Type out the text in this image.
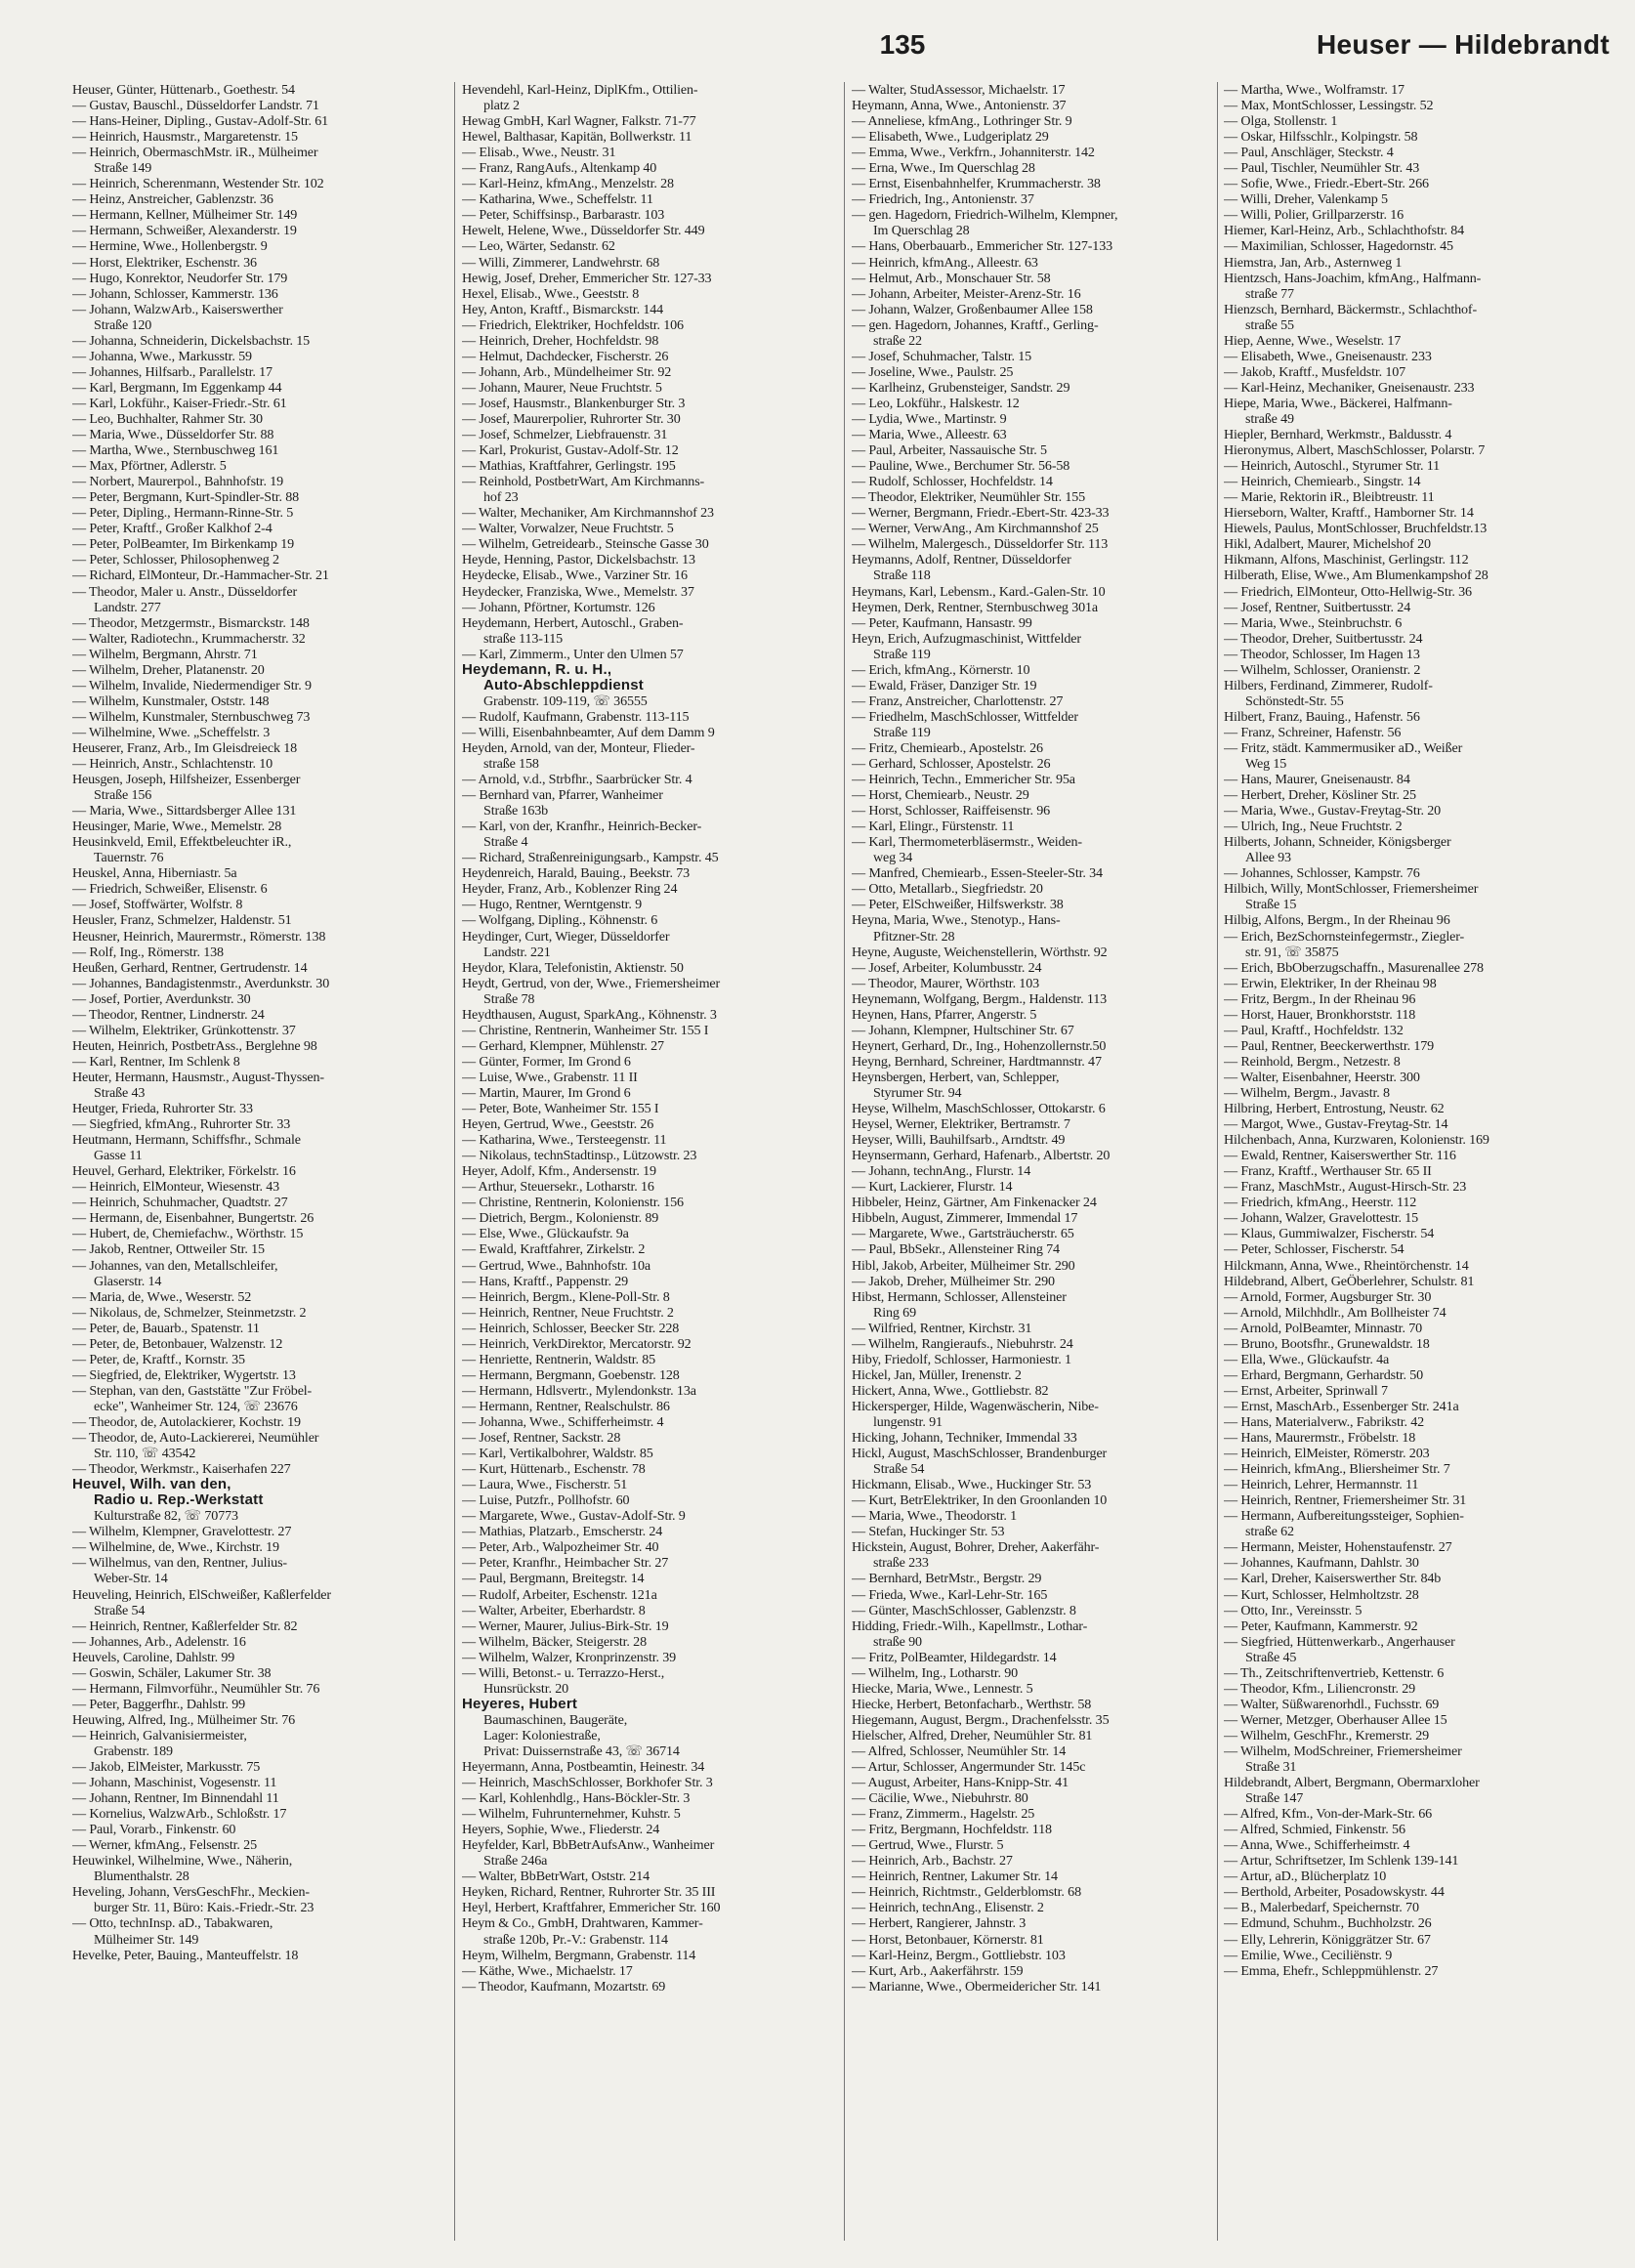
135	Heuser — Hildebrandt
Heuser, Günter, Hüttenarb., Goethestr. 54
— Gustav, Bauschl., Düsseldorfer Landstr. 71
— Hans-Heiner, Dipling., Gustav-Adolf-Str. 61
— Heinrich, Hausmstr., Margaretenstr. 15
— Heinrich, ObermaschMstr. iR., Mülheimer
Straße 149
— Heinrich, Scherenmann, Westender Str. 102
— Heinz, Anstreicher, Gablenzstr. 36
— Hermann, Kellner, Mülheimer Str. 149
— Hermann, Schweißer, Alexanderstr. 19
— Hermine, Wwe., Hollenbergstr. 9
— Horst, Elektriker, Eschenstr. 36
— Hugo, Konrektor, Neudorfer Str. 179
— Johann, Schlosser, Kammerstr. 136
— Johann, WalzwArb., Kaiserswerther
Straße 120
— Johanna, Schneiderin, Dickelsbachstr. 15
— Johanna, Wwe., Markusstr. 59
— Johannes, Hilfsarb., Parallelstr. 17
— Karl, Bergmann, Im Eggenkamp 44
— Karl, Lokführ., Kaiser-Friedr.-Str. 61
— Leo, Buchhalter, Rahmer Str. 30
— Maria, Wwe., Düsseldorfer Str. 88
— Martha, Wwe., Sternbuschweg 161
— Max, Pförtner, Adlerstr. 5
— Norbert, Maurerpol., Bahnhofstr. 19
— Peter, Bergmann, Kurt-Spindler-Str. 88
— Peter, Dipling., Hermann-Rinne-Str. 5
— Peter, Kraftf., Großer Kalkhof 2-4
— Peter, PolBeamter, Im Birkenkamp 19
— Peter, Schlosser, Philosophenweg 2
— Richard, ElMonteur, Dr.-Hammacher-Str. 21
— Theodor, Maler u. Anstr., Düsseldorfer
Landstr. 277
— Theodor, Metzgermstr., Bismarckstr. 148
— Walter, Radiotechn., Krummacherstr. 32
— Wilhelm, Bergmann, Ahrstr. 71
— Wilhelm, Dreher, Platanenstr. 20
— Wilhelm, Invalide, Niedermendiger Str. 9
— Wilhelm, Kunstmaler, Oststr. 148
— Wilhelm, Kunstmaler, Sternbuschweg 73
— Wilhelmine, Wwe. „Scheffelstr. 3
Heuserer, Franz, Arb., Im Gleisdreieck 18
— Heinrich, Anstr., Schlachtenstr. 10
Heusgen, Joseph, Hilfsheizer, Essenberger
Straße 156
— Maria, Wwe., Sittardsberger Allee 131
Heusinger, Marie, Wwe., Memelstr. 28
Heusinkveld, Emil, Effektbeleuchter iR.,
Tauernstr. 76
Heuskel, Anna, Hiberniastr. 5a
— Friedrich, Schweißer, Elisenstr. 6
— Josef, Stoffwärter, Wolfstr. 8
Heusler, Franz, Schmelzer, Haldenstr. 51
Heusner, Heinrich, Maurermstr., Römerstr. 138
— Rolf, Ing., Römerstr. 138
Heußen, Gerhard, Rentner, Gertrudenstr. 14
— Johannes, Bandagistenmstr., Averdunkstr. 30
— Josef, Portier, Averdunkstr. 30
— Theodor, Rentner, Lindnerstr. 24
— Wilhelm, Elektriker, Grünkottenstr. 37
Heuten, Heinrich, PostbetrAss., Berglehne 98
— Karl, Rentner, Im Schlenk 8
Heuter, Hermann, Hausmstr., August-Thyssen-
Straße 43
Heutger, Frieda, Ruhrorter Str. 33
— Siegfried, kfmAng., Ruhrorter Str. 33
Heutmann, Hermann, Schiffsfhr., Schmale
Gasse 11
Heuvel, Gerhard, Elektriker, Förkelstr. 16
— Heinrich, ElMonteur, Wiesenstr. 43
— Heinrich, Schuhmacher, Quadtstr. 27
— Hermann, de, Eisenbahner, Bungertstr. 26
— Hubert, de, Chemiefachw., Wörthstr. 15
— Jakob, Rentner, Ottweiler Str. 15
— Johannes, van den, Metallschleifer,
Glaserstr. 14
— Maria, de, Wwe., Weserstr. 52
— Nikolaus, de, Schmelzer, Steinmetzstr. 2
— Peter, de, Bauarb., Spatenstr. 11
— Peter, de, Betonbauer, Walzenstr. 12
— Peter, de, Kraftf., Kornstr. 35
— Siegfried, de, Elektriker, Wygertstr. 13
— Stephan, van den, Gaststätte "Zur Fröbel-
ecke", Wanheimer Str. 124, ☏ 23676
— Theodor, de, Autolackierer, Kochstr. 19
— Theodor, de, Auto-Lackiererei, Neumühler
Str. 110, ☏ 43542
— Theodor, Werkmstr., Kaiserhafen 227
Heuvel, Wilh. van den,
Radio u. Rep.-Werkstatt
Kulturstraße 82, ☏ 70773
— Wilhelm, Klempner, Gravelottestr. 27
— Wilhelmine, de, Wwe., Kirchstr. 19
— Wilhelmus, van den, Rentner, Julius-
Weber-Str. 14
Heuveling, Heinrich, ElSchweißer, Kaßlerfelder
Straße 54
— Heinrich, Rentner, Kaßlerfelder Str. 82
— Johannes, Arb., Adelenstr. 16
Heuvels, Caroline, Dahlstr. 99
— Goswin, Schäler, Lakumer Str. 38
— Hermann, Filmvorführ., Neumühler Str. 76
— Peter, Baggerfhr., Dahlstr. 99
Heuwing, Alfred, Ing., Mülheimer Str. 76
— Heinrich, Galvanisiermeister,
Grabenstr. 189
— Jakob, ElMeister, Markusstr. 75
— Johann, Maschinist, Vogesenstr. 11
— Johann, Rentner, Im Binnendahl 11
— Kornelius, WalzwArb., Schloßstr. 17
— Paul, Vorarb., Finkenstr. 60
— Werner, kfmAng., Felsenstr. 25
Heuwinkel, Wilhelmine, Wwe., Näherin,
Blumenthalstr. 28
Heveling, Johann, VersGeschFhr., Meckien-
burger Str. 11, Büro: Kais.-Friedr.-Str. 23
— Otto, technInsp. aD., Tabakwaren,
Mülheimer Str. 149
Hevelke, Peter, Bauing., Manteuffelstr. 18
Hevendehl, Karl-Heinz, DiplKfm., Ottilien-
platz 2
Hewag GmbH, Karl Wagner, Falkstr. 71-77
Hewel, Balthasar, Kapitän, Bollwerkstr. 11
— Elisab., Wwe., Neustr. 31
— Franz, RangAufs., Altenkamp 40
— Karl-Heinz, kfmAng., Menzelstr. 28
— Katharina, Wwe., Scheffelstr. 11
— Peter, Schiffsinsp., Barbarastr. 103
Hewelt, Helene, Wwe., Düsseldorfer Str. 449
— Leo, Wärter, Sedanstr. 62
— Willi, Zimmerer, Landwehrstr. 68
Hewig, Josef, Dreher, Emmericher Str. 127-33
Hexel, Elisab., Wwe., Geeststr. 8
Hey, Anton, Kraftf., Bismarckstr. 144
— Friedrich, Elektriker, Hochfeldstr. 106
— Heinrich, Dreher, Hochfeldstr. 98
— Helmut, Dachdecker, Fischerstr. 26
— Johann, Arb., Mündelheimer Str. 92
— Johann, Maurer, Neue Fruchtstr. 5
— Josef, Hausmstr., Blankenburger Str. 3
— Josef, Maurerpolier, Ruhrorter Str. 30
— Josef, Schmelzer, Liebfrauenstr. 31
— Karl, Prokurist, Gustav-Adolf-Str. 12
— Mathias, Kraftfahrer, Gerlingstr. 195
— Reinhold, PostbetrWart, Am Kirchmanns-
hof 23
— Walter, Mechaniker, Am Kirchmannshof 23
— Walter, Vorwalzer, Neue Fruchtstr. 5
— Wilhelm, Getreidearb., Steinsche Gasse 30
Heyde, Henning, Pastor, Dickelsbachstr. 13
Heydecke, Elisab., Wwe., Varziner Str. 16
Heydecker, Franziska, Wwe., Memelstr. 37
— Johann, Pförtner, Kortumstr. 126
Heydemann, Herbert, Autoschl., Graben-
straße 113-115
— Karl, Zimmerm., Unter den Ulmen 57
Heydemann, R. u. H.,
Auto-Abschleppdienst
Grabenstr. 109-119, ☏ 36555
— Rudolf, Kaufmann, Grabenstr. 113-115
— Willi, Eisenbahnbeamter, Auf dem Damm 9
Heyden, Arnold, van der, Monteur, Flieder-
straße 158
— Arnold, v.d., Strbfhr., Saarbrücker Str. 4
— Bernhard van, Pfarrer, Wanheimer
Straße 163b
— Karl, von der, Kranfhr., Heinrich-Becker-
Straße 4
— Richard, Straßenreinigungsarb., Kampstr. 45
Heydenreich, Harald, Bauing., Beekstr. 73
Heyder, Franz, Arb., Koblenzer Ring 24
— Hugo, Rentner, Werntgenstr. 9
— Wolfgang, Dipling., Köhnenstr. 6
Heydinger, Curt, Wieger, Düsseldorfer
Landstr. 221
Heydor, Klara, Telefonistin, Aktienstr. 50
Heydt, Gertrud, von der, Wwe., Friemersheimer
Straße 78
Heydthausen, August, SparkAng., Köhnenstr. 3
— Christine, Rentnerin, Wanheimer Str. 155 I
— Gerhard, Klempner, Mühlenstr. 27
— Günter, Former, Im Grond 6
— Luise, Wwe., Grabenstr. 11 II
— Martin, Maurer, Im Grond 6
— Peter, Bote, Wanheimer Str. 155 I
Heyen, Gertrud, Wwe., Geeststr. 26
— Katharina, Wwe., Tersteegenstr. 11
— Nikolaus, technStadtinsp., Lützowstr. 23
Heyer, Adolf, Kfm., Andersenstr. 19
— Arthur, Steuersekr., Lotharstr. 16
— Christine, Rentnerin, Kolonienstr. 156
— Dietrich, Bergm., Kolonienstr. 89
— Else, Wwe., Glückaufstr. 9a
— Ewald, Kraftfahrer, Zirkelstr. 2
— Gertrud, Wwe., Bahnhofstr. 10a
— Hans, Kraftf., Pappenstr. 29
— Heinrich, Bergm., Klene-Poll-Str. 8
— Heinrich, Rentner, Neue Fruchtstr. 2
— Heinrich, Schlosser, Beecker Str. 228
— Heinrich, VerkDirektor, Mercatorstr. 92
— Henriette, Rentnerin, Waldstr. 85
— Hermann, Bergmann, Goebenstr. 128
— Hermann, Hdlsvertr., Mylendonkstr. 13a
— Hermann, Rentner, Realschulstr. 86
— Johanna, Wwe., Schifferheimstr. 4
— Josef, Rentner, Sackstr. 28
— Karl, Vertikalbohrer, Waldstr. 85
— Kurt, Hüttenarb., Eschenstr. 78
— Laura, Wwe., Fischerstr. 51
— Luise, Putzfr., Pollhofstr. 60
— Margarete, Wwe., Gustav-Adolf-Str. 9
— Mathias, Platzarb., Emscherstr. 24
— Peter, Arb., Walpozheimer Str. 40
— Peter, Kranfhr., Heimbacher Str. 27
— Paul, Bergmann, Breitegstr. 14
— Rudolf, Arbeiter, Eschenstr. 121a
— Walter, Arbeiter, Eberhardstr. 8
— Werner, Maurer, Julius-Birk-Str. 19
— Wilhelm, Bäcker, Steigerstr. 28
— Wilhelm, Walzer, Kronprinzenstr. 39
— Willi, Betonst.- u. Terrazzo-Herst.,
Hunsrückstr. 20
Heyeres, Hubert
Baumaschinen, Baugeräte,
Lager: Koloniestraße,
Privat: Duissernstraße 43, ☏ 36714
Heyermann, Anna, Postbeamtin, Heinestr. 34
— Heinrich, MaschSchlosser, Borkhofer Str. 3
— Karl, Kohlenhdlg., Hans-Böckler-Str. 3
— Wilhelm, Fuhrunternehmer, Kuhstr. 5
Heyers, Sophie, Wwe., Fliederstr. 24
Heyfelder, Karl, BbBetrAufsAnw., Wanheimer
Straße 246a
— Walter, BbBetrWart, Oststr. 214
Heyken, Richard, Rentner, Ruhrorter Str. 35 III
Heyl, Herbert, Kraftfahrer, Emmericher Str. 160
Heym & Co., GmbH, Drahtwaren, Kammer-
straße 120b, Pr.-V.: Grabenstr. 114
Heym, Wilhelm, Bergmann, Grabenstr. 114
— Käthe, Wwe., Michaelstr. 17
— Theodor, Kaufmann, Mozartstr. 69
— Walter, StudAssessor, Michaelstr. 17
Heymann, Anna, Wwe., Antonienstr. 37
— Anneliese, kfmAng., Lothringer Str. 9
— Elisabeth, Wwe., Ludgeriplatz 29
— Emma, Wwe., Verkfrn., Johanniterstr. 142
— Erna, Wwe., Im Querschlag 28
— Ernst, Eisenbahnhelfer, Krummacherstr. 38
— Friedrich, Ing., Antonienstr. 37
— gen. Hagedorn, Friedrich-Wilhelm, Klempner,
Im Querschlag 28
— Hans, Oberbauarb., Emmericher Str. 127-133
— Heinrich, kfmAng., Alleestr. 63
— Helmut, Arb., Monschauer Str. 58
— Johann, Arbeiter, Meister-Arenz-Str. 16
— Johann, Walzer, Großenbaumer Allee 158
— gen. Hagedorn, Johannes, Kraftf., Gerling-
straße 22
— Josef, Schuhmacher, Talstr. 15
— Joseline, Wwe., Paulstr. 25
— Karlheinz, Grubensteiger, Sandstr. 29
— Leo, Lokführ., Halskestr. 12
— Lydia, Wwe., Martinstr. 9
— Maria, Wwe., Alleestr. 63
— Paul, Arbeiter, Nassauische Str. 5
— Pauline, Wwe., Berchumer Str. 56-58
— Rudolf, Schlosser, Hochfeldstr. 14
— Theodor, Elektriker, Neumühler Str. 155
— Werner, Bergmann, Friedr.-Ebert-Str. 423-33
— Werner, VerwAng., Am Kirchmannshof 25
— Wilhelm, Malergesch., Düsseldorfer Str. 113
Heymanns, Adolf, Rentner, Düsseldorfer
Straße 118
Heymans, Karl, Lebensm., Kard.-Galen-Str. 10
Heymen, Derk, Rentner, Sternbuschweg 301a
— Peter, Kaufmann, Hansastr. 99
Heyn, Erich, Aufzugmaschinist, Wittfelder
Straße 119
— Erich, kfmAng., Körnerstr. 10
— Ewald, Fräser, Danziger Str. 19
— Franz, Anstreicher, Charlottenstr. 27
— Friedhelm, MaschSchlosser, Wittfelder
Straße 119
— Fritz, Chemiearb., Apostelstr. 26
— Gerhard, Schlosser, Apostelstr. 26
— Heinrich, Techn., Emmericher Str. 95a
— Horst, Chemiearb., Neustr. 29
— Horst, Schlosser, Raiffeisenstr. 96
— Karl, Elingr., Fürstenstr. 11
— Karl, Thermometerbläsermstr., Weiden-
weg 34
— Manfred, Chemiearb., Essen-Steeler-Str. 34
— Otto, Metallarb., Siegfriedstr. 20
— Peter, ElSchweißer, Hilfswerkstr. 38
Heyna, Maria, Wwe., Stenotyp., Hans-
Pfitzner-Str. 28
Heyne, Auguste, Weichenstellerin, Wörthstr. 92
— Josef, Arbeiter, Kolumbusstr. 24
— Theodor, Maurer, Wörthstr. 103
Heynemann, Wolfgang, Bergm., Haldenstr. 113
Heynen, Hans, Pfarrer, Angerstr. 5
— Johann, Klempner, Hultschiner Str. 67
Heynert, Gerhard, Dr., Ing., Hohenzollernstr.50
Heyng, Bernhard, Schreiner, Hardtmannstr. 47
Heynsbergen, Herbert, van, Schlepper,
Styrumer Str. 94
Heyse, Wilhelm, MaschSchlosser, Ottokarstr. 6
Heysel, Werner, Elektriker, Bertramstr. 7
Heyser, Willi, Bauhilfsarb., Arndtstr. 49
Heynsermann, Gerhard, Hafenarb., Albertstr. 20
— Johann, technAng., Flurstr. 14
— Kurt, Lackierer, Flurstr. 14
Hibbeler, Heinz, Gärtner, Am Finkenacker 24
Hibbeln, August, Zimmerer, Immendal 17
— Margarete, Wwe., Gartsträucherstr. 65
— Paul, BbSekr., Allensteiner Ring 74
Hibl, Jakob, Arbeiter, Mülheimer Str. 290
— Jakob, Dreher, Mülheimer Str. 290
Hibst, Hermann, Schlosser, Allensteiner
Ring 69
— Wilfried, Rentner, Kirchstr. 31
— Wilhelm, Rangieraufs., Niebuhrstr. 24
Hiby, Friedolf, Schlosser, Harmoniestr. 1
Hickel, Jan, Müller, Irenenstr. 2
Hickert, Anna, Wwe., Gottliebstr. 82
Hickersperger, Hilde, Wagenwäscherin, Nibe-
lungenstr. 91
Hicking, Johann, Techniker, Immendal 33
Hickl, August, MaschSchlosser, Brandenburger
Straße 54
Hickmann, Elisab., Wwe., Huckinger Str. 53
— Kurt, BetrElektriker, In den Groonlanden 10
— Maria, Wwe., Theodorstr. 1
— Stefan, Huckinger Str. 53
Hickstein, August, Bohrer, Dreher, Aakerfähr-
straße 233
— Bernhard, BetrMstr., Bergstr. 29
— Frieda, Wwe., Karl-Lehr-Str. 165
— Günter, MaschSchlosser, Gablenzstr. 8
Hidding, Friedr.-Wilh., Kapellmstr., Lothar-
straße 90
— Fritz, PolBeamter, Hildegardstr. 14
— Wilhelm, Ing., Lotharstr. 90
Hiecke, Maria, Wwe., Lennestr. 5
Hiecke, Herbert, Betonfacharb., Werthstr. 58
Hiegemann, August, Bergm., Drachenfelsstr. 35
Hielscher, Alfred, Dreher, Neumühler Str. 81
— Alfred, Schlosser, Neumühler Str. 14
— Artur, Schlosser, Angermunder Str. 145c
— August, Arbeiter, Hans-Knipp-Str. 41
— Cäcilie, Wwe., Niebuhrstr. 80
— Franz, Zimmerm., Hagelstr. 25
— Fritz, Bergmann, Hochfeldstr. 118
— Gertrud, Wwe., Flurstr. 5
— Heinrich, Arb., Bachstr. 27
— Heinrich, Rentner, Lakumer Str. 14
— Heinrich, Richtmstr., Gelderblomstr. 68
— Heinrich, technAng., Elisenstr. 2
— Herbert, Rangierer, Jahnstr. 3
— Horst, Betonbauer, Körnerstr. 81
— Karl-Heinz, Bergm., Gottliebstr. 103
— Kurt, Arb., Aakerfährstr. 159
— Marianne, Wwe., Obermeidericher Str. 141
— Martha, Wwe., Wolframstr. 17
— Max, MontSchlosser, Lessingstr. 52
— Olga, Stollenstr. 1
— Oskar, Hilfsschlr., Kolpingstr. 58
— Paul, Anschläger, Steckstr. 4
— Paul, Tischler, Neumühler Str. 43
— Sofie, Wwe., Friedr.-Ebert-Str. 266
— Willi, Dreher, Valenkamp 5
— Willi, Polier, Grillparzerstr. 16
Hiemer, Karl-Heinz, Arb., Schlachthofstr. 84
— Maximilian, Schlosser, Hagedornstr. 45
Hiemstra, Jan, Arb., Asternweg 1
Hientzsch, Hans-Joachim, kfmAng., Halfmann-
straße 77
Hienzsch, Bernhard, Bäckermstr., Schlachthof-
straße 55
Hiep, Aenne, Wwe., Weselstr. 17
— Elisabeth, Wwe., Gneisenaustr. 233
— Jakob, Kraftf., Musfeldstr. 107
— Karl-Heinz, Mechaniker, Gneisenaustr. 233
Hiepe, Maria, Wwe., Bäckerei, Halfmann-
straße 49
Hiepler, Bernhard, Werkmstr., Baldusstr. 4
Hieronymus, Albert, MaschSchlosser, Polarstr. 7
— Heinrich, Autoschl., Styrumer Str. 11
— Heinrich, Chemiearb., Singstr. 14
— Marie, Rektorin iR., Bleibtreustr. 11
Hierseborn, Walter, Kraftf., Hamborner Str. 14
Hiewels, Paulus, MontSchlosser, Bruchfeldstr.13
Hikl, Adalbert, Maurer, Michelshof 20
Hikmann, Alfons, Maschinist, Gerlingstr. 112
Hilberath, Elise, Wwe., Am Blumenkampshof 28
— Friedrich, ElMonteur, Otto-Hellwig-Str. 36
— Josef, Rentner, Suitbertusstr. 24
— Maria, Wwe., Steinbruchstr. 6
— Theodor, Dreher, Suitbertusstr. 24
— Theodor, Schlosser, Im Hagen 13
— Wilhelm, Schlosser, Oranienstr. 2
Hilbers, Ferdinand, Zimmerer, Rudolf-
Schönstedt-Str. 55
Hilbert, Franz, Bauing., Hafenstr. 56
— Franz, Schreiner, Hafenstr. 56
— Fritz, städt. Kammermusiker aD., Weißer
Weg 15
— Hans, Maurer, Gneisenaustr. 84
— Herbert, Dreher, Kösliner Str. 25
— Maria, Wwe., Gustav-Freytag-Str. 20
— Ulrich, Ing., Neue Fruchtstr. 2
Hilberts, Johann, Schneider, Königsberger
Allee 93
— Johannes, Schlosser, Kampstr. 76
Hilbich, Willy, MontSchlosser, Friemersheimer
Straße 15
Hilbig, Alfons, Bergm., In der Rheinau 96
— Erich, BezSchornsteinfegermstr., Ziegler-
str. 91, ☏ 35875
— Erich, BbOberzugschaffn., Masurenallee 278
— Erwin, Elektriker, In der Rheinau 98
— Fritz, Bergm., In der Rheinau 96
— Horst, Hauer, Bronkhorststr. 118
— Paul, Kraftf., Hochfeldstr. 132
— Paul, Rentner, Beeckerwerthstr. 179
— Reinhold, Bergm., Netzestr. 8
— Walter, Eisenbahner, Heerstr. 300
— Wilhelm, Bergm., Javastr. 8
Hilbring, Herbert, Entrostung, Neustr. 62
— Margot, Wwe., Gustav-Freytag-Str. 14
Hilchenbach, Anna, Kurzwaren, Kolonienstr. 169
— Ewald, Rentner, Kaiserswerther Str. 116
— Franz, Kraftf., Werthauser Str. 65 II
— Franz, MaschMstr., August-Hirsch-Str. 23
— Friedrich, kfmAng., Heerstr. 112
— Johann, Walzer, Gravelottestr. 15
— Klaus, Gummiwalzer, Fischerstr. 54
— Peter, Schlosser, Fischerstr. 54
Hilckmann, Anna, Wwe., Rheintörchenstr. 14
Hildebrand, Albert, GeÖberlehrer, Schulstr. 81
— Arnold, Former, Augsburger Str. 30
— Arnold, Milchhdlr., Am Bollheister 74
— Arnold, PolBeamter, Minnastr. 70
— Bruno, Bootsfhr., Grunewaldstr. 18
— Ella, Wwe., Glückaufstr. 4a
— Erhard, Bergmann, Gerhardstr. 50
— Ernst, Arbeiter, Sprinwall 7
— Ernst, MaschArb., Essenberger Str. 241a
— Hans, Materialverw., Fabrikstr. 42
— Hans, Maurermstr., Fröbelstr. 18
— Heinrich, ElMeister, Römerstr. 203
— Heinrich, kfmAng., Bliersheimer Str. 7
— Heinrich, Lehrer, Hermannstr. 11
— Heinrich, Rentner, Friemersheimer Str. 31
— Hermann, Aufbereitungssteiger, Sophien-
straße 62
— Hermann, Meister, Hohenstaufenstr. 27
— Johannes, Kaufmann, Dahlstr. 30
— Karl, Dreher, Kaiserswerther Str. 84b
— Kurt, Schlosser, Helmholtzstr. 28
— Otto, Inr., Vereinsstr. 5
— Peter, Kaufmann, Kammerstr. 92
— Siegfried, Hüttenwerkarb., Angerhauser
Straße 45
— Th., Zeitschriftenvertrieb, Kettenstr. 6
— Theodor, Kfm., Liliencronstr. 29
— Walter, Süßwarenorhdl., Fuchsstr. 69
— Werner, Metzger, Oberhauser Allee 15
— Wilhelm, GeschFhr., Kremerstr. 29
— Wilhelm, ModSchreiner, Friemersheimer
Straße 31
Hildebrandt, Albert, Bergmann, Obermarxloher
Straße 147
— Alfred, Kfm., Von-der-Mark-Str. 66
— Alfred, Schmied, Finkenstr. 56
— Anna, Wwe., Schifferheimstr. 4
— Artur, Schriftsetzer, Im Schlenk 139-141
— Artur, aD., Blücherplatz 10
— Berthold, Arbeiter, Posadowskystr. 44
— B., Malerbedarf, Speichernstr. 70
— Edmund, Schuhm., Buchholzstr. 26
— Elly, Lehrerin, Königgrätzer Str. 67
— Emilie, Wwe., Ceciliënstr. 9
— Emma, Ehefr., Schleppmühlenstr. 27
